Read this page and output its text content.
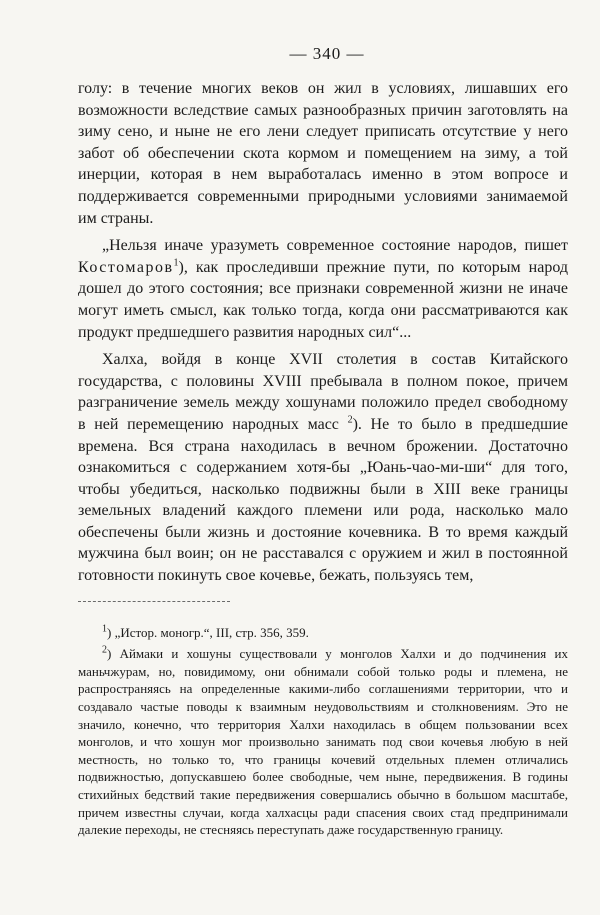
— 340 —

голу: в течение многих веков он жил в условиях, лишавших его возможности вследствие самых разнообразных причин заготовлять на зиму сено, и ныне не его лени следует приписать отсутствие у него забот об обеспечении скота кормом и помещением на зиму, а той инерции, которая в нем выработалась именно в этом вопросе и поддерживается современными природными условиями занимаемой им страны.

„Нельзя иначе уразуметь современное состояние народов, пишет Костомаров$^1$), как проследивши прежние пути, по которым народ дошел до этого состояния; все признаки современной жизни не иначе могут иметь смысл, как только тогда, когда они рассматриваются как продукт предшедшего развития народных сил“...

Халха, войдя в конце XVII столетия в состав Китайского государства, с половины XVIII пребывала в полном покое, причем разграничение земель между хошунами положило предел свободному в ней перемещению народных масс $^2$). Не то было в предшедшие времена. Вся страна находилась в вечном брожении. Достаточно ознакомиться с содержанием хотя-бы „Юань-чао-ми-ши“ для того, чтобы убедиться, насколько подвижны были в XIII веке границы земельных владений каждого племени или рода, насколько мало обеспечены были жизнь и достояние кочевника. В то время каждый мужчина был воин; он не расставался с оружием и жил в постоянной готовности покинуть свое кочевье, бежать, пользуясь тем,

$^1$) „Истор. моногр.“, III, стр. 356, 359.

$^2$) Аймаки и хошуны существовали у монголов Халхи и до подчинения их маньчжурам, но, повидимому, они обнимали собой только роды и племена, не распространяясь на определенные какими-либо соглашениями территории, что и создавало частые поводы к взаимным неудовольствиям и столкновениям. Это не значило, конечно, что территория Халхи находилась в общем пользовании всех монголов, и что хошун мог произвольно занимать под свои кочевья любую в ней местность, но только то, что границы кочевий отдельных племен отличались подвижностью, допускавшею более свободные, чем ныне, передвижения. В годины стихийных бедствий такие передвижения совершались обычно в большом масштабе, причем известны случаи, когда халхасцы ради спасения своих стад предпринимали далекие переходы, не стесняясь переступать даже государственную границу.
